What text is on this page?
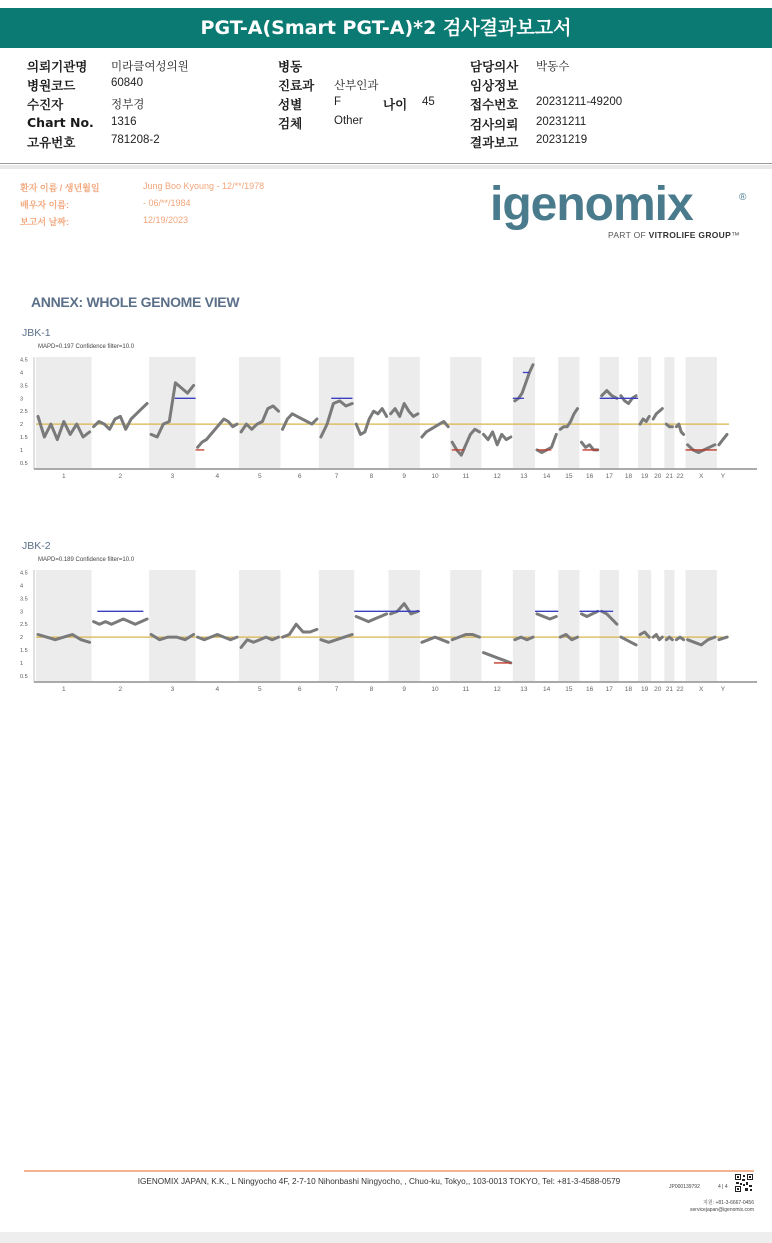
PGT-A(Smart PGT-A)*2 검사결과보고서
의뢰기관명 미라클여성의원
병원코드	60840
수진자	정부경
Chart No. 1316
고유번호	781208-2
병동
진료과 산부인과
성별	F	나이 45
검체	Other
담당의사 박동수
임상정보
접수번호 20231211-49200
검사의뢰 20231211
결과보고 20231219
환자 이름 / 생년월일	Jung Boo Kyoung - 12/**/1978
배우자 이름:	- 06/**/1984
보고서 날짜:	12/19/2023	igenomix	®
PART OF VITROLIFE GROUP™
ANNEX: WHOLE GENOME VIEW
JBK-1
MAPD=0.197 Confidence filter=10.0
4.5
4
3.5
3
2.5
2
1.5
1
0.5
1	2	3	4	5	6	7	8	9	10	11	12	13 14 15 16 17 18 19 20 21 22 X	Y
JBK-2
MAPD=0.189 Confidence filter=10.0
4.5
4
3.5
3
2.5
2
1.5
1
0.5
1	2	3	4	5	6	7	8	9	10	11	12	13 14 15 16 17 18 19 20 21 22 X	Y
IGENOMIX JAPAN, K.K., L Ningyocho 4F, 2-7-10 Nihonbashi Ningyocho, , Chuo-ku, Tokyo,, 103-0013 TOKYO, Tel: +81-3-4588-0579
JP000139792	4 | 4
지원: +81-3-6667-0456
servicejapan@igenomix.com
